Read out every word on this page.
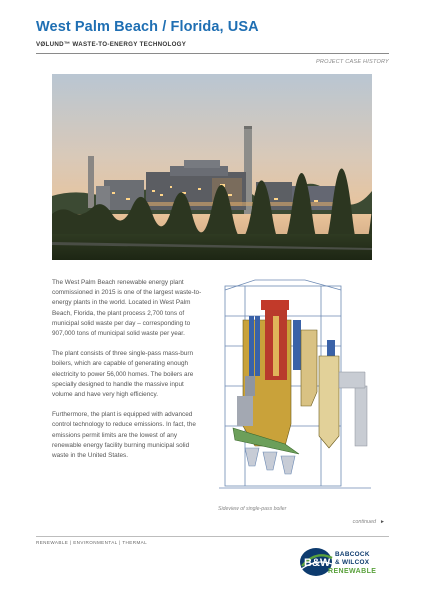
West Palm Beach / Florida, USA
VØLUND™ WASTE-TO-ENERGY TECHNOLOGY
PROJECT CASE HISTORY

The West Palm Beach renewable energy plant commissioned in 2015 is one of the largest waste-to-energy plants in the world. Located in West Palm Beach, Florida, the plant process 2,700 tons of municipal solid waste per day – corresponding to 907,000 tons of municipal solid waste per year.

The plant consists of three single-pass mass-burn boilers, which are capable of generating enough electricity to power 56,000 homes. The boilers are specially designed to handle the massive input volume and have very high efficiency.

Furthermore, the plant is equipped with advanced control technology to reduce emissions. In fact, the emissions permit limits are the lowest of any renewable energy facility burning municipal solid waste in the United States.

Sideview of single-pass boiler
continued ►
RENEWABLE | ENVIRONMENTAL | THERMAL
B&W
BABCOCK
& WILCOX
RENEWABLE
